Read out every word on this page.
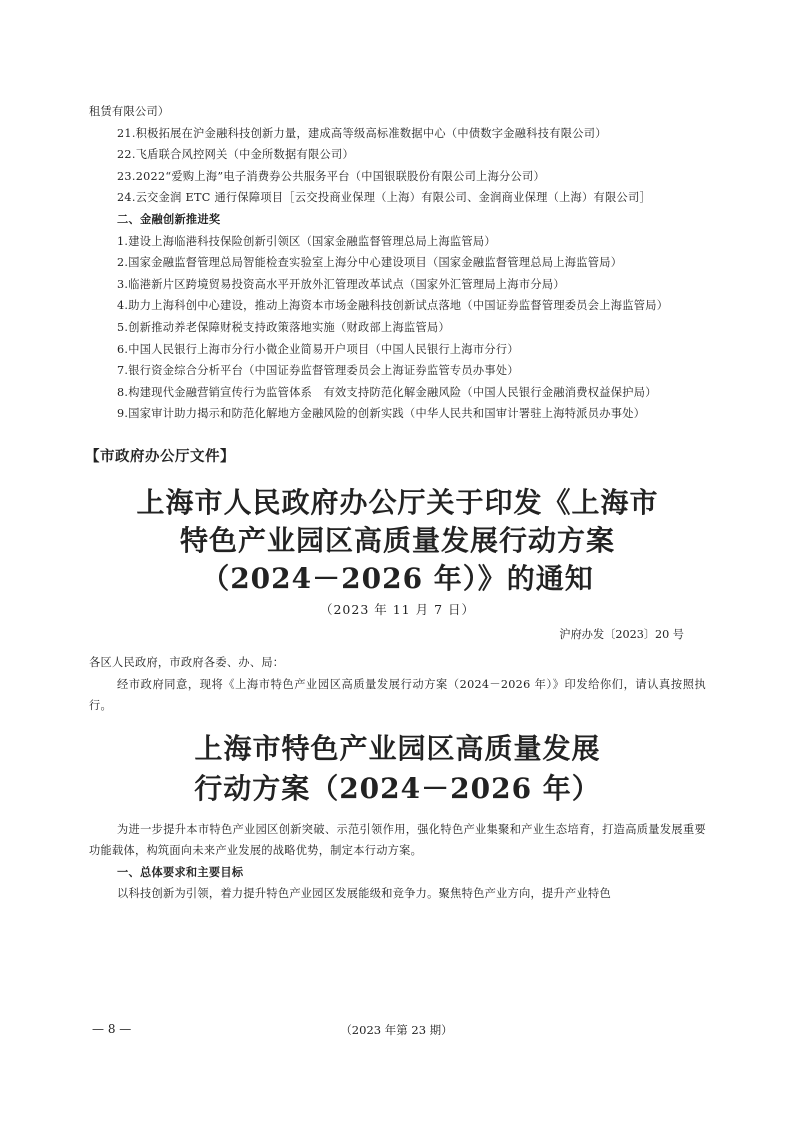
租赁有限公司）

21.积极拓展在沪金融科技创新力量，建成高等级高标准数据中心（中债数字金融科技有限公司）

22.飞盾联合风控网关（中金所数据有限公司）

23.2022“爱购上海”电子消费券公共服务平台（中国银联股份有限公司上海分公司）

24.云交金润 ETC 通行保障项目［云交投商业保理（上海）有限公司、金润商业保理（上海）有限公司］

二、金融创新推进奖

1.建设上海临港科技保险创新引领区（国家金融监督管理总局上海监管局）

2.国家金融监督管理总局智能检查实验室上海分中心建设项目（国家金融监督管理总局上海监管局）

3.临港新片区跨境贸易投资高水平开放外汇管理改革试点（国家外汇管理局上海市分局）

4.助力上海科创中心建设，推动上海资本市场金融科技创新试点落地（中国证券监督管理委员会上海监管局）

5.创新推动养老保障财税支持政策落地实施（财政部上海监管局）

6.中国人民银行上海市分行小微企业简易开户项目（中国人民银行上海市分行）

7.银行资金综合分析平台（中国证券监督管理委员会上海证券监管专员办事处）

8.构建现代金融营销宣传行为监管体系　有效支持防范化解金融风险（中国人民银行金融消费权益保护局）

9.国家审计助力揭示和防范化解地方金融风险的创新实践（中华人民共和国审计署驻上海特派员办事处）

【市政府办公厅文件】
上海市人民政府办公厅关于印发《上海市
特色产业园区高质量发展行动方案
（2024－2026 年）》的通知
（2023 年 11 月 7 日）
沪府办发〔2023〕20 号

各区人民政府，市政府各委、办、局：

经市政府同意，现将《上海市特色产业园区高质量发展行动方案（2024－2026 年）》印发给你们，请认真按照执行。

上海市特色产业园区高质量发展
行动方案（2024－2026 年）

为进一步提升本市特色产业园区创新突破、示范引领作用，强化特色产业集聚和产业生态培育，打造高质量发展重要功能载体，构筑面向未来产业发展的战略优势，制定本行动方案。

一、总体要求和主要目标

以科技创新为引领，着力提升特色产业园区发展能级和竞争力。聚焦特色产业方向，提升产业特色

— 8 —	（2023 年第 23 期）
